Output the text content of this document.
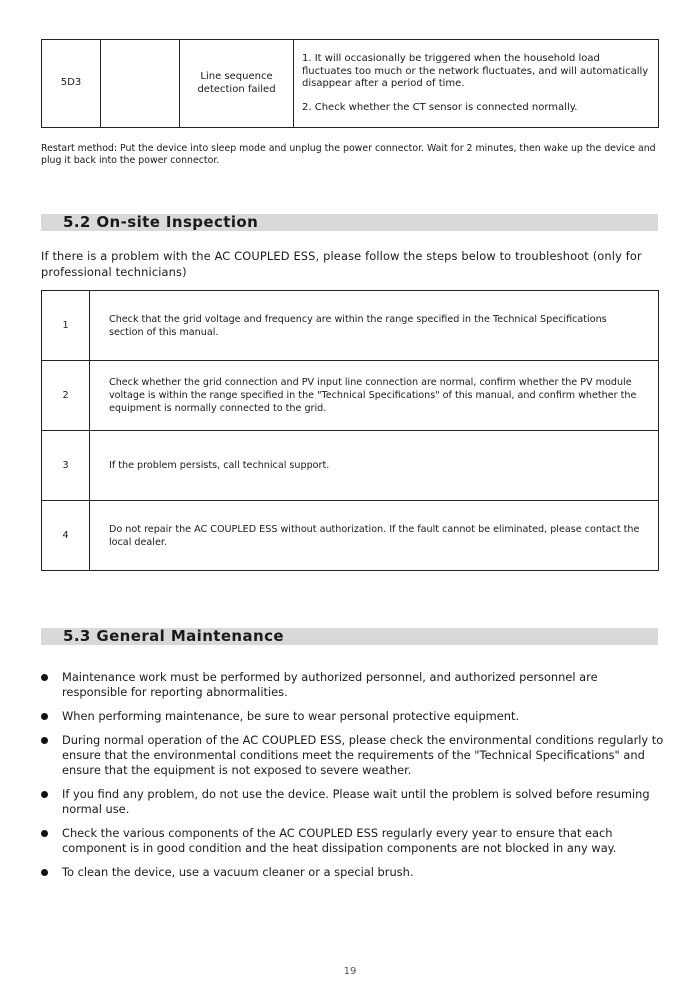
5D3		Line sequence detection failed	

1. It will occasionally be triggered when the household load fluctuates too much or the network fluctuates, and will automatically disappear after a period of time.

2. Check whether the CT sensor is connected normally.

Restart method: Put the device into sleep mode and unplug the power connector. Wait for 2 minutes, then wake up the device and plug it back into the power connector.
5.2 On-site Inspection
If there is a problem with the AC COUPLED ESS, please follow the steps below to troubleshoot (only for professional technicians)
1	Check that the grid voltage and frequency are within the range specified in the Technical Specifications section of this manual.
2	Check whether the grid connection and PV input line connection are normal, confirm whether the PV module voltage is within the range specified in the "Technical Specifications" of this manual, and confirm whether the equipment is normally connected to the grid.
3	If the problem persists, call technical support.
4	Do not repair the AC COUPLED ESS without authorization. If the fault cannot be eliminated, please contact the local dealer.
5.3 General Maintenance
Maintenance work must be performed by authorized personnel, and authorized personnel are responsible for reporting abnormalities.
When performing maintenance, be sure to wear personal protective equipment.
During normal operation of the AC COUPLED ESS, please check the environmental conditions regularly to ensure that the environmental conditions meet the requirements of the "Technical Specifications" and ensure that the equipment is not exposed to severe weather.
If you find any problem, do not use the device. Please wait until the problem is solved before resuming normal use.
Check the various components of the AC COUPLED ESS regularly every year to ensure that each component is in good condition and the heat dissipation components are not blocked in any way.
To clean the device, use a vacuum cleaner or a special brush.
19
